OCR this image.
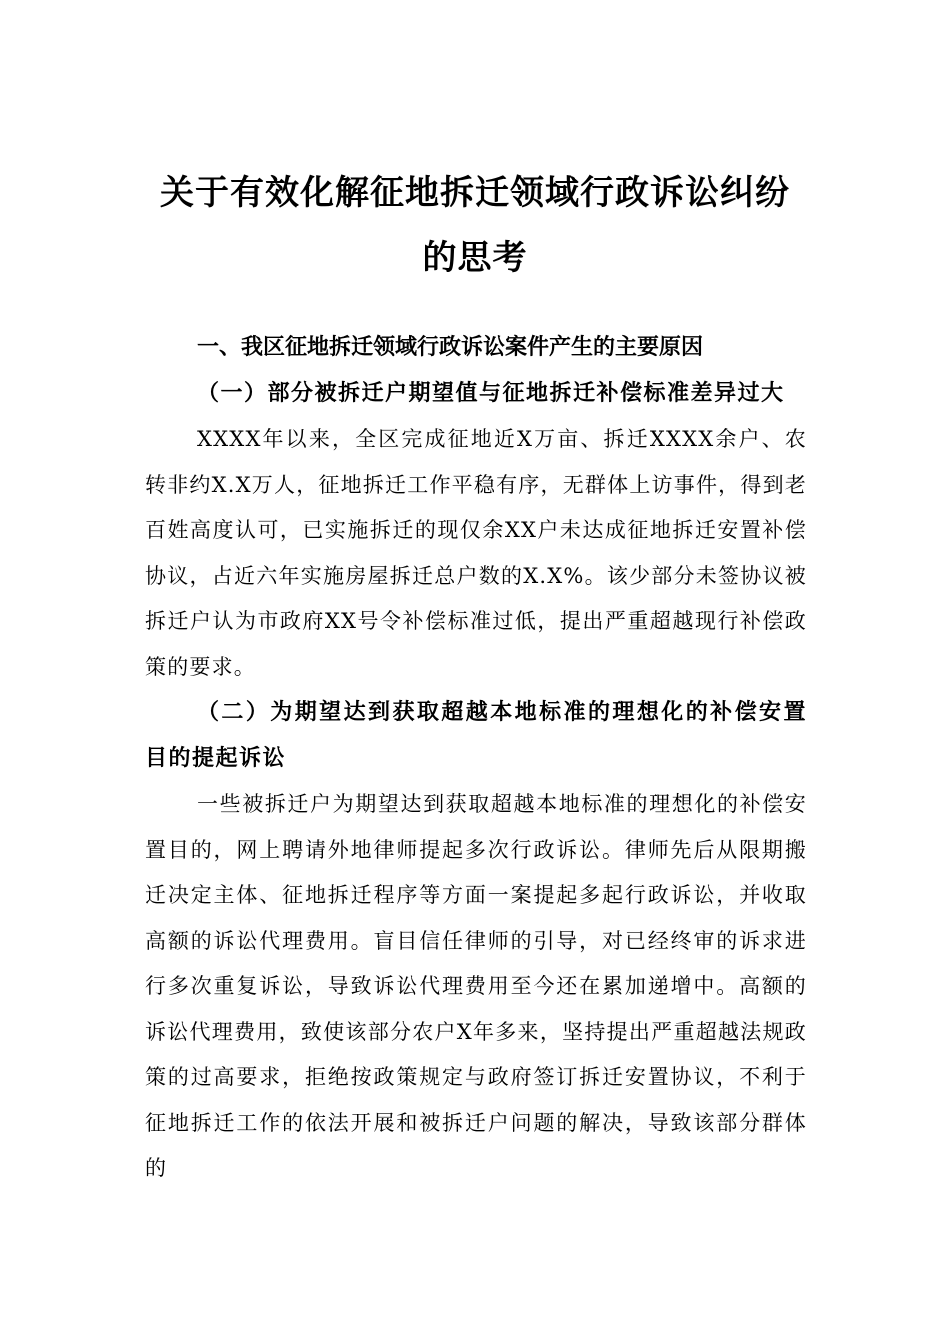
关于有效化解征地拆迁领域行政诉讼纠纷
的思考

一、我区征地拆迁领域行政诉讼案件产生的主要原因

（一）部分被拆迁户期望值与征地拆迁补偿标准差异过大

XXXX年以来，全区完成征地近X万亩、拆迁XXXX余户、农转非约X.X万人，征地拆迁工作平稳有序，无群体上访事件，得到老百姓高度认可，已实施拆迁的现仅余XX户未达成征地拆迁安置补偿协议，占近六年实施房屋拆迁总户数的X.X%。该少部分未签协议被拆迁户认为市政府XX号令补偿标准过低，提出严重超越现行补偿政策的要求。

（二）为期望达到获取超越本地标准的理想化的补偿安置目的提起诉讼

一些被拆迁户为期望达到获取超越本地标准的理想化的补偿安置目的，网上聘请外地律师提起多次行政诉讼。律师先后从限期搬迁决定主体、征地拆迁程序等方面一案提起多起行政诉讼，并收取高额的诉讼代理费用。盲目信任律师的引导，对已经终审的诉求进行多次重复诉讼，导致诉讼代理费用至今还在累加递增中。高额的诉讼代理费用，致使该部分农户X年多来，坚持提出严重超越法规政策的过高要求，拒绝按政策规定与政府签订拆迁安置协议，不利于征地拆迁工作的依法开展和被拆迁户问题的解决，导致该部分群体的
